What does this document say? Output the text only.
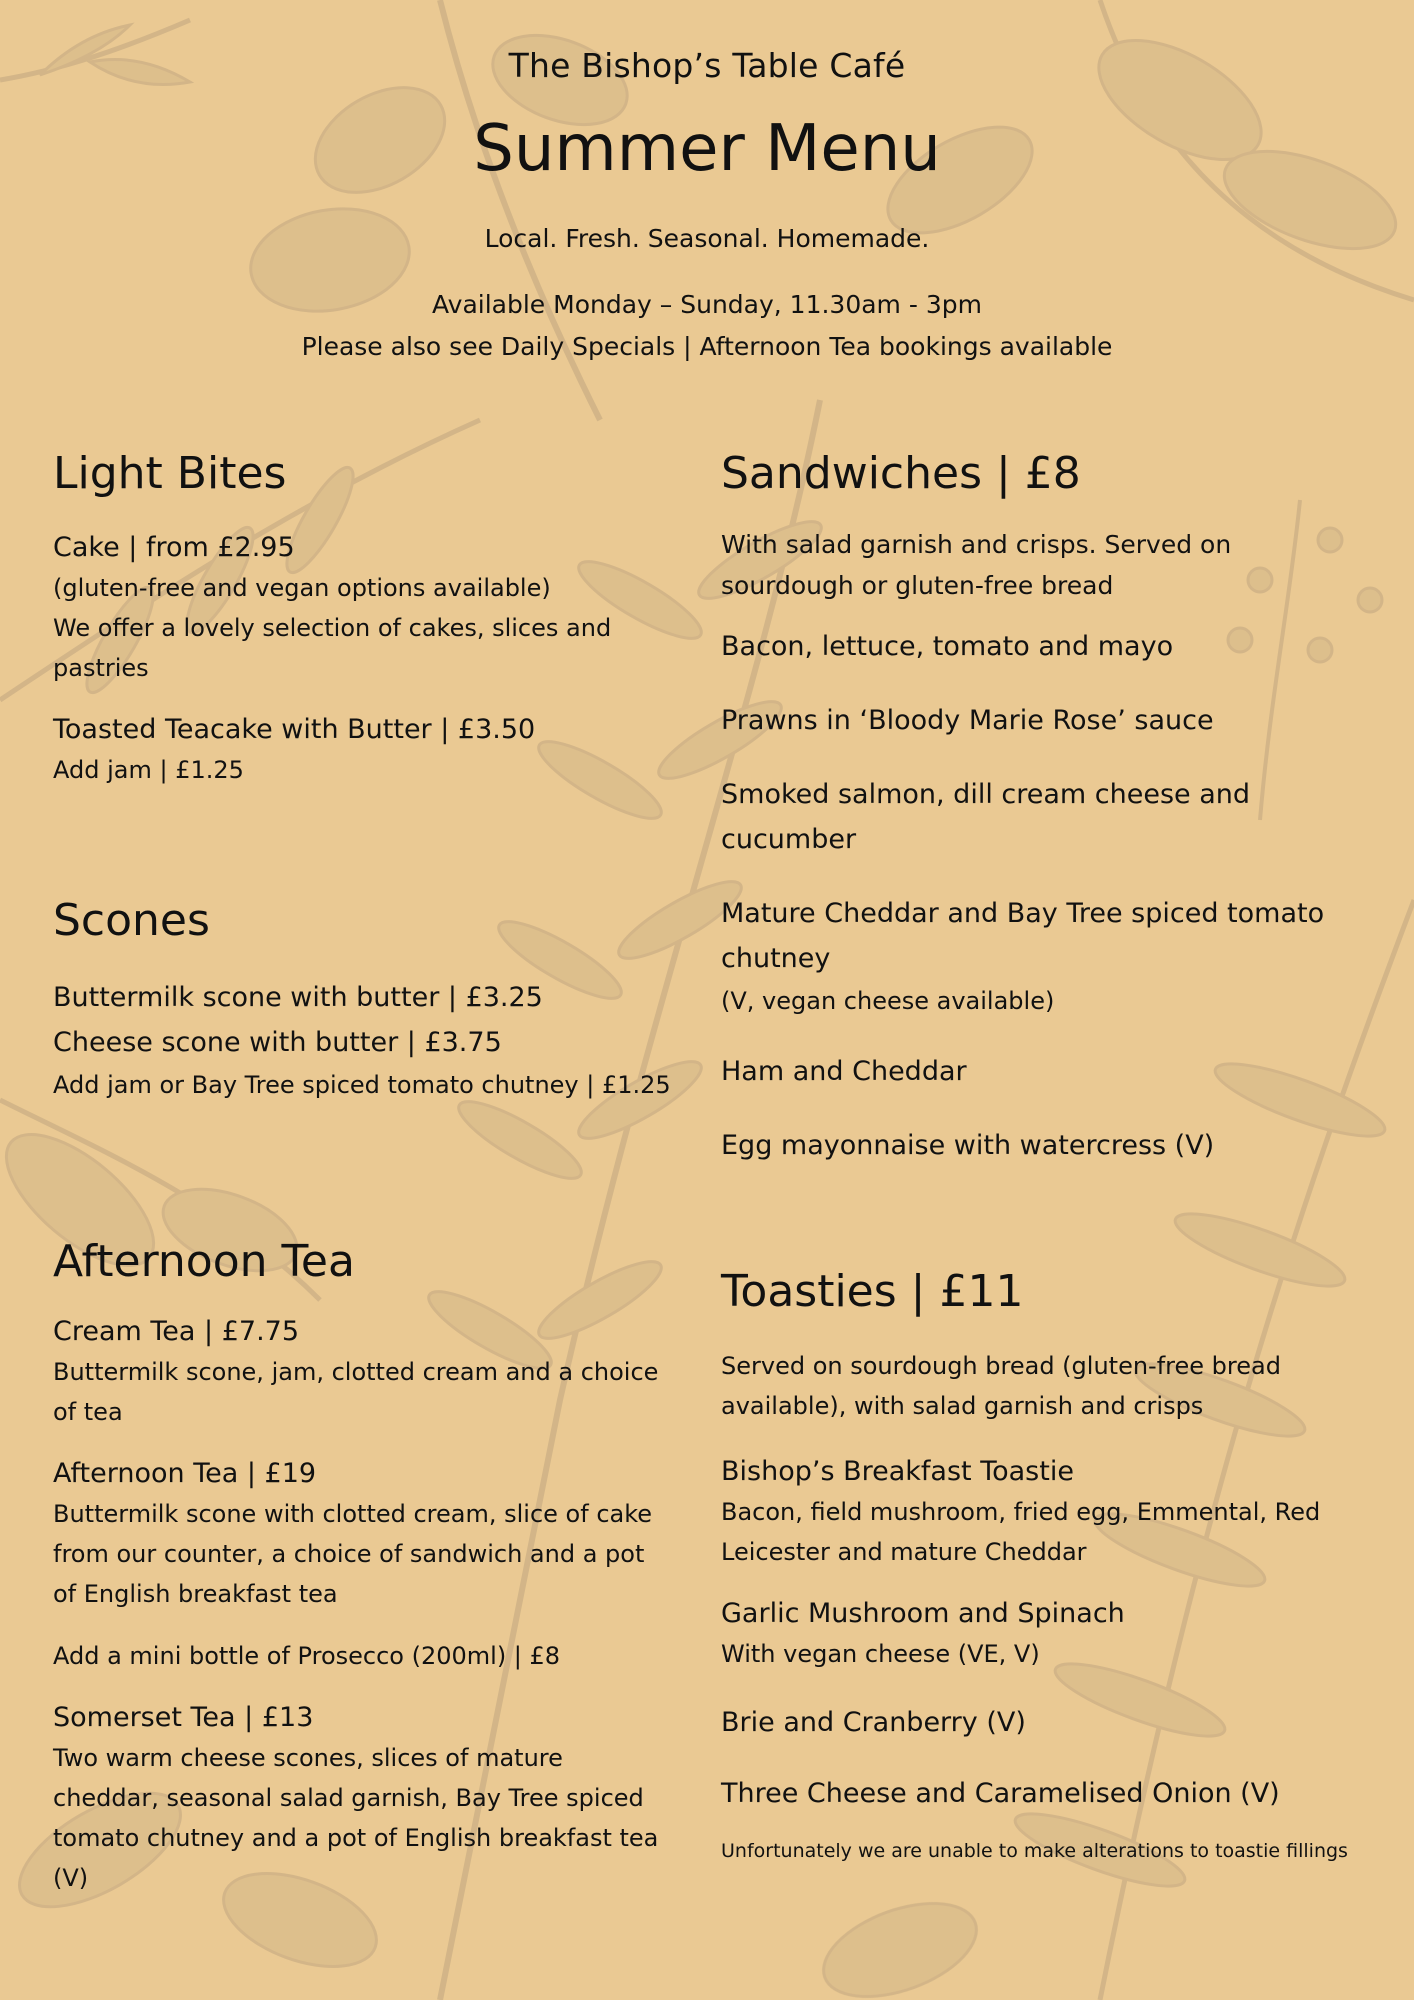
The Bishop’s Table Café
Summer Menu
Local. Fresh. Seasonal. Homemade.
Available Monday – Sunday, 11.30am - 3pm
Please also see Daily Specials | Afternoon Tea bookings available
Light Bites
Cake | from £2.95
(gluten-free and vegan options available)
We offer a lovely selection of cakes, slices and pastries
Toasted Teacake with Butter | £3.50
Add jam | £1.25
Scones
Buttermilk scone with butter | £3.25
Cheese scone with butter | £3.75
Add jam or Bay Tree spiced tomato chutney | £1.25
Afternoon Tea
Cream Tea | £7.75
Buttermilk scone, jam, clotted cream and a choice of tea
Afternoon Tea | £19
Buttermilk scone with clotted cream, slice of cake from our counter, a choice of sandwich and a pot of English breakfast tea
Add a mini bottle of Prosecco (200ml) | £8
Somerset Tea | £13
Two warm cheese scones, slices of mature cheddar, seasonal salad garnish, Bay Tree spiced tomato chutney and a pot of English breakfast tea (V)
Sandwiches | £8
With salad garnish and crisps. Served on sourdough or gluten-free bread
Bacon, lettuce, tomato and mayo
Prawns in ‘Bloody Marie Rose’ sauce
Smoked salmon, dill cream cheese and cucumber
Mature Cheddar and Bay Tree spiced tomato chutney
(V, vegan cheese available)
Ham and Cheddar
Egg mayonnaise with watercress (V)
Toasties | £11
Served on sourdough bread (gluten-free bread available), with salad garnish and crisps
Bishop’s Breakfast Toastie
Bacon, field mushroom, fried egg, Emmental, Red Leicester and mature Cheddar
Garlic Mushroom and Spinach
With vegan cheese (VE, V)
Brie and Cranberry (V)
Three Cheese and Caramelised Onion (V)
Unfortunately we are unable to make alterations to toastie fillings
